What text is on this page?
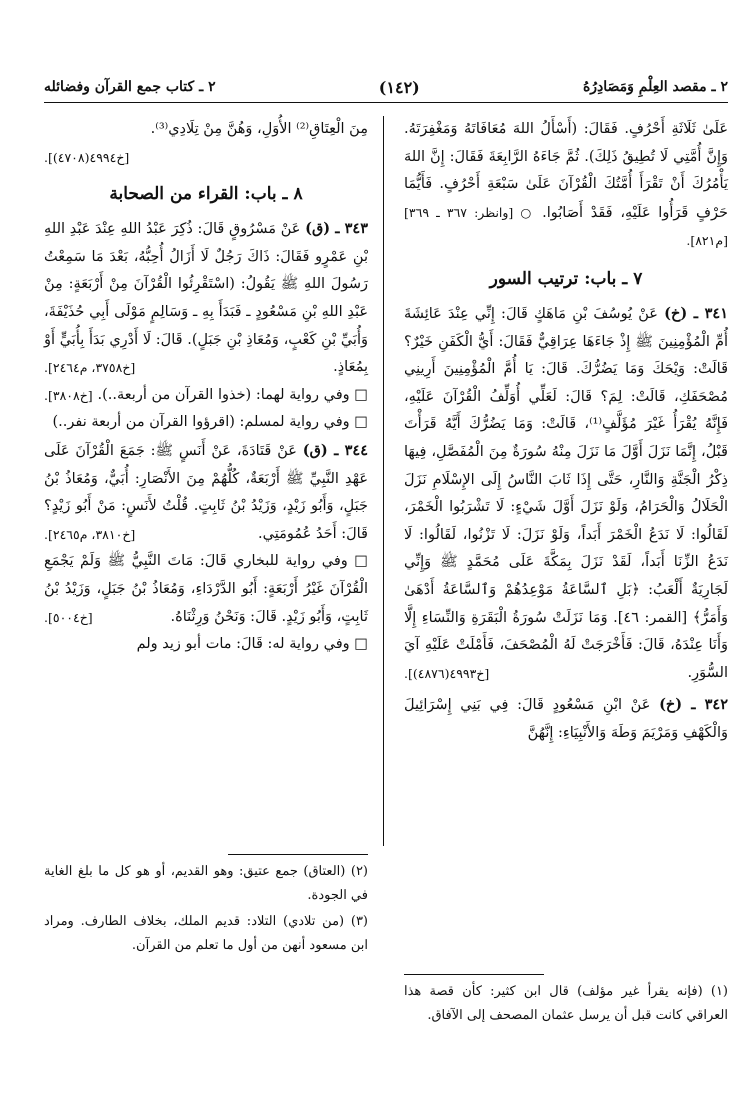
٢ ـ مقصد العِلْمِ وَمَصَادِرُهُ
(١٤٢)
٢ ـ كتاب جمع القرآن وفضائله

عَلَىٰ ثَلَاثَةِ أَحْرُفٍ. فَقَالَ: (أَسْأَلُ اللهَ مُعَافَاتَهُ وَمَغْفِرَتَهُ. وَإِنَّ أُمَّتِي لَا تُطِيقُ ذَلِكَ). ثُمَّ جَاءَهُ الرَّابِعَةَ فَقَالَ: إِنَّ اللهَ يَأْمُرُكَ أَنْ تَقْرَأَ أُمَّتُكَ الْقُرْآنَ عَلَىٰ سَبْعَةِ أَحْرُفٍ. فَأَيُّمَا حَرْفٍ قَرَأُوا عَلَيْهِ، فَقَدْ أَصَابُوا. ○ [وانظر: ٣٦٧ ـ ٣٦٩] [م٨٢١].

٧ ـ باب: ترتيب السور

٣٤١ ـ (خ) عَنْ يُوسُفَ بْنِ مَاهَكٍ قَالَ: إِنِّي عِنْدَ عَائِشَةَ أُمِّ الْمُؤْمِنِينَ ﷺ إِذْ جَاءَهَا عِرَاقِيٌّ فَقَالَ: أَيُّ الْكَفَنِ خَيْرٌ؟ قَالَتْ: وَيْحَكَ وَمَا يَضُرُّكَ. قَالَ: يَا أُمَّ الْمُؤْمِنِينَ أَرِينِي مُصْحَفَكِ، قَالَتْ: لِمَ؟ قَالَ: لَعَلِّي أُوَلِّفُ الْقُرْآنَ عَلَيْهِ، فَإِنَّهُ يُقْرَأُ غَيْرَ مُؤَلَّفٍ⁽¹⁾، قَالَتْ: وَمَا يَضُرُّكَ أَيَّهُ قَرَأْتَ قَبْلُ، إِنَّمَا نَزَلَ أَوَّلَ مَا نَزَلَ مِنْهُ سُورَةٌ مِنَ الْمُفَصَّلِ، فِيهَا ذِكْرُ الْجَنَّةِ وَالنَّارِ، حَتَّى إِذَا ثَابَ النَّاسُ إِلَى الإِسْلَامِ نَزَلَ الْحَلَالُ وَالْحَرَامُ، وَلَوْ نَزَلَ أَوَّلَ شَيْءٍ: لَا تَشْرَبُوا الْخَمْرَ، لَقَالُوا: لَا نَدَعُ الْخَمْرَ أَبَداً، وَلَوْ نَزَلَ: لَا تَزْنُوا، لَقَالُوا: لَا نَدَعُ الزِّنَا أَبَداً، لَقَدْ نَزَلَ بِمَكَّةَ عَلَى مُحَمَّدٍ ﷺ وَإِنِّي لَجَارِيَةٌ أَلْعَبُ: ﴿بَلِ ٱلسَّاعَةُ مَوْعِدُهُمْ وَٱلسَّاعَةُ أَدْهَىٰ وَأَمَرُّ﴾ [القمر: ٤٦]. وَمَا نَزَلَتْ سُورَةُ الْبَقَرَةِ وَالنِّسَاءِ إِلَّا وَأَنَا عِنْدَهُ، قَالَ: فَأَخْرَجَتْ لَهُ الْمُصْحَفَ، فَأَمْلَتْ عَلَيْهِ آيَ السُّوَرِ.
[خ٤٩٩٣(٤٨٧٦)].

٣٤٢ ـ (خ) عَنْ ابْنِ مَسْعُودٍ قَالَ: فِي بَنِي إِسْرَائِيلَ وَالْكَهْفِ وَمَرْيَمَ وَطَهَ وَالأَنْبِيَاءِ: إِنَّهُنَّ

مِنَ الْعِتَاقِ⁽²⁾ الأُوَلِ، وَهُنَّ مِنْ تِلَادِي⁽³⁾.

[خ٤٩٩٤(٤٧٠٨)].

٨ ـ باب: القراء من الصحابة

٣٤٣ ـ (ق) عَنْ مَسْرُوقٍ قَالَ: ذُكِرَ عَبْدُ اللهِ عِنْدَ عَبْدِ اللهِ بْنِ عَمْرٍو فَقَالَ: ذَاكَ رَجُلٌ لَا أَزَالُ أُحِبُّهُ، بَعْدَ مَا سَمِعْتُ رَسُولَ اللهِ ﷺ يَقُولُ: (اسْتَقْرِئُوا الْقُرْآنَ مِنْ أَرْبَعَةٍ: مِنْ عَبْدِ اللهِ بْنِ مَسْعُودٍ ـ فَبَدَأَ بِهِ ـ وَسَالِمٍ مَوْلَى أَبِي حُذَيْفَةَ، وَأُبَيِّ بْنِ كَعْبٍ، وَمُعَاذِ بْنِ جَبَلٍ). قَالَ: لَا أَدْرِي بَدَأَ بِأُبَيٍّ أَوْ بِمُعَاذٍ.
[خ٣٧٥٨، م٢٤٦٤].

□ وفي رواية لهما: (خذوا القرآن من أربعة..).
[خ٣٨٠٨].

□ وفي رواية لمسلم: (اقرؤوا القرآن من أربعة نفر..)

٣٤٤ ـ (ق) عَنْ قَتَادَةَ، عَنْ أَنَسٍ ﷺ: جَمَعَ الْقُرْآنَ عَلَى عَهْدِ النَّبِيِّ ﷺ أَرْبَعَةٌ، كُلُّهُمْ مِنَ الأَنْصَارِ: أُبَيٌّ، وَمُعَاذُ بْنُ جَبَلٍ، وَأَبُو زَيْدٍ، وَزَيْدُ بْنُ ثَابِتٍ. قُلْتُ لأَنَسٍ: مَنْ أَبُو زَيْدٍ؟ قَالَ: أَحَدُ عُمُومَتِي.
[خ٣٨١٠، م٢٤٦٥].

□ وفي رواية للبخاري قَالَ: مَاتَ النَّبِيُّ ﷺ وَلَمْ يَجْمَعِ الْقُرْآنَ غَيْرُ أَرْبَعَةٍ: أَبُو الدَّرْدَاءِ، وَمُعَاذُ بْنُ جَبَلٍ، وَزَيْدُ بْنُ ثَابِتٍ، وَأَبُو زَيْدٍ. قَالَ: وَنَحْنُ وَرِثْنَاهُ.
[خ٥٠٠٤].

□ وفي رواية له: قَالَ: مات أبو زيد ولم

(١) (فإنه يقرأ غير مؤلف) قال ابن كثير: كأن قصة هذا العراقي كانت قبل أن يرسل عثمان المصحف إلى الآفاق.

(٢) (العتاق) جمع عتيق: وهو القديم، أو هو كل ما بلغ الغاية في الجودة.

(٣) (من تلادي) التلاد: قديم الملك، بخلاف الطارف. ومراد ابن مسعود أنهن من أول ما تعلم من القرآن.
